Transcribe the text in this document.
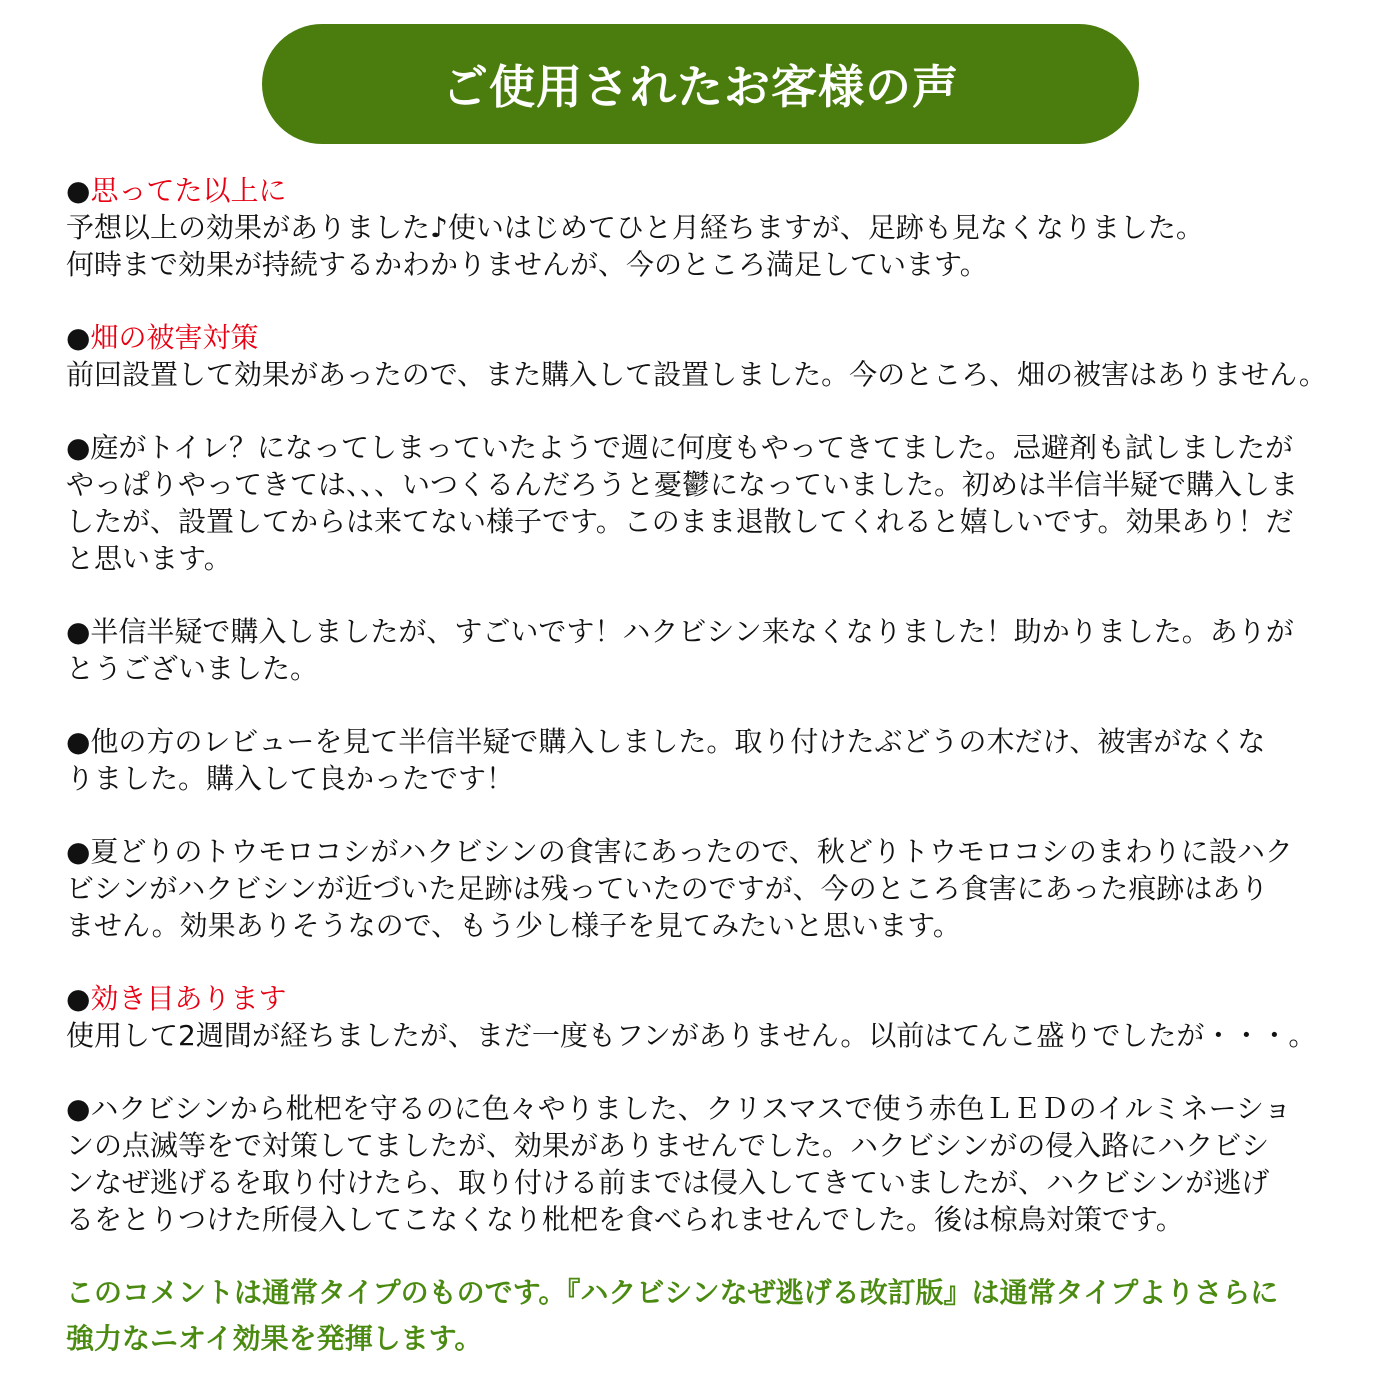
ご使用されたお客様の声
●思ってた以上に
予想以上の効果がありました♪使いはじめてひと月経ちますが、足跡も見なくなりました。
何時まで効果が持続するかわかりませんが、今のところ満足しています。
●畑の被害対策
前回設置して効果があったので、また購入して設置しました。今のところ、畑の被害はありません。
●庭がトイレ？になってしまっていたようで週に何度もやってきてました。忌避剤も試しましたが
やっぱりやってきては、、、いつくるんだろうと憂鬱になっていました。初めは半信半疑で購入しま
したが、設置してからは来てない様子です。このまま退散してくれると嬉しいです。効果あり！だ
と思います。
●半信半疑で購入しましたが、すごいです！ハクビシン来なくなりました！助かりました。ありが
とうございました。
●他の方のレビューを見て半信半疑で購入しました。取り付けたぶどうの木だけ、被害がなくな
りました。購入して良かったです！
●夏どりのトウモロコシがハクビシンの食害にあったので、秋どりトウモロコシのまわりに設ハク
ビシンがハクビシンが近づいた足跡は残っていたのですが、今のところ食害にあった痕跡はあり
ません。効果ありそうなので、もう少し様子を見てみたいと思います。
●効き目あります
使用して2週間が経ちましたが、まだ一度もフンがありません。以前はてんこ盛りでしたが・・・。
●ハクビシンから枇杷を守るのに色々やりました、クリスマスで使う赤色ＬＥＤのイルミネーショ
ンの点滅等をで対策してましたが、効果がありませんでした。ハクビシンがの侵入路にハクビシ
ンなぜ逃げるを取り付けたら、取り付ける前までは侵入してきていましたが、ハクビシンが逃げ
るをとりつけた所侵入してこなくなり枇杷を食べられませんでした。後は椋鳥対策です。
このコメントは通常タイプのものです。『ハクビシンなぜ逃げる改訂版』は通常タイプよりさらに
強力なニオイ効果を発揮します。
